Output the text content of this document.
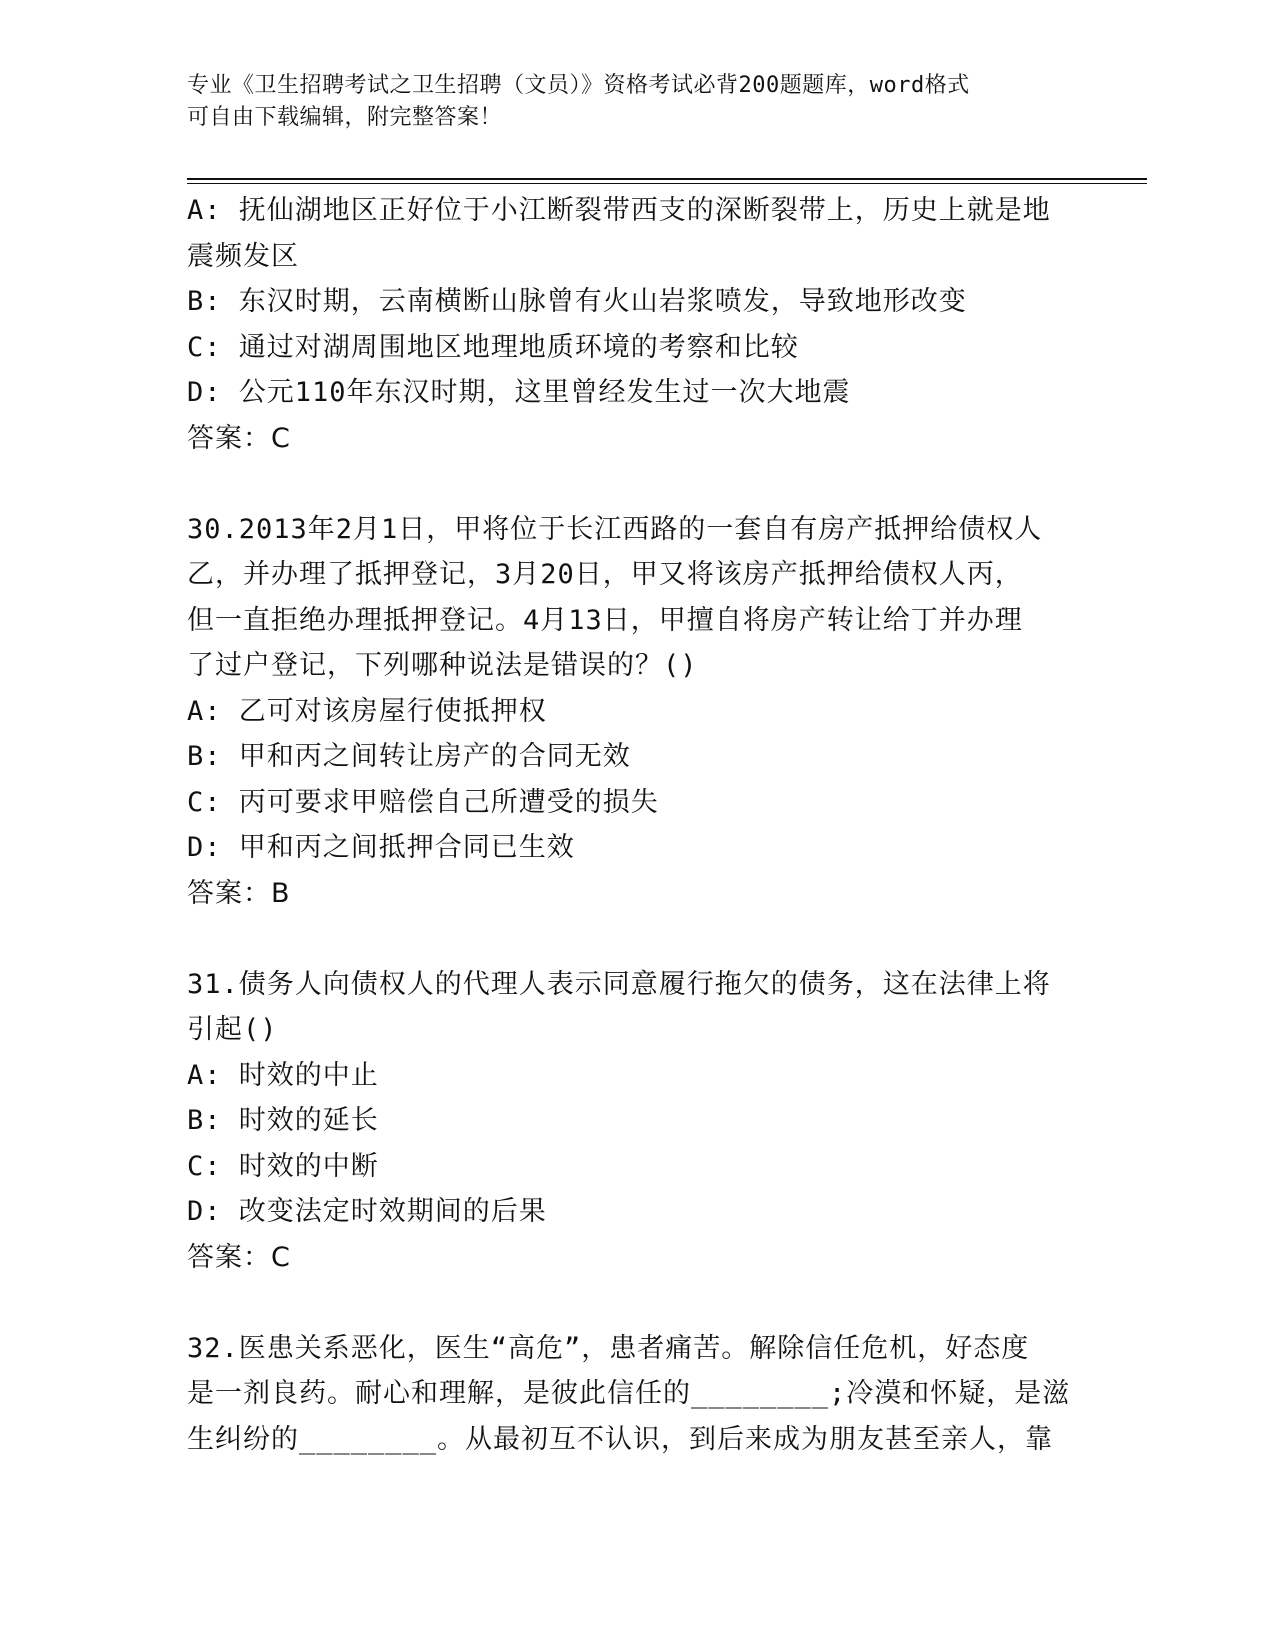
专业《卫生招聘考试之卫生招聘（文员）》资格考试必背200题题库，word格式
可自由下载编辑，附完整答案！
A: 抚仙湖地区正好位于小江断裂带西支的深断裂带上，历史上就是地
震频发区
B: 东汉时期，云南横断山脉曾有火山岩浆喷发，导致地形改变
C: 通过对湖周围地区地理地质环境的考察和比较
D: 公元110年东汉时期，这里曾经发生过一次大地震
答案：C
30.2013年2月1日，甲将位于长江西路的一套自有房产抵押给债权人
乙，并办理了抵押登记，3月20日，甲又将该房产抵押给债权人丙，
但一直拒绝办理抵押登记。4月13日，甲擅自将房产转让给丁并办理
了过户登记，下列哪种说法是错误的？()
A: 乙可对该房屋行使抵押权
B: 甲和丙之间转让房产的合同无效
C: 丙可要求甲赔偿自己所遭受的损失
D: 甲和丙之间抵押合同已生效
答案：B
31.债务人向债权人的代理人表示同意履行拖欠的债务，这在法律上将
引起()
A: 时效的中止
B: 时效的延长
C: 时效的中断
D: 改变法定时效期间的后果
答案：C
32.医患关系恶化，医生“高危”，患者痛苦。解除信任危机，好态度
是一剂良药。耐心和理解，是彼此信任的________;冷漠和怀疑，是滋
生纠纷的________。从最初互不认识，到后来成为朋友甚至亲人，靠
